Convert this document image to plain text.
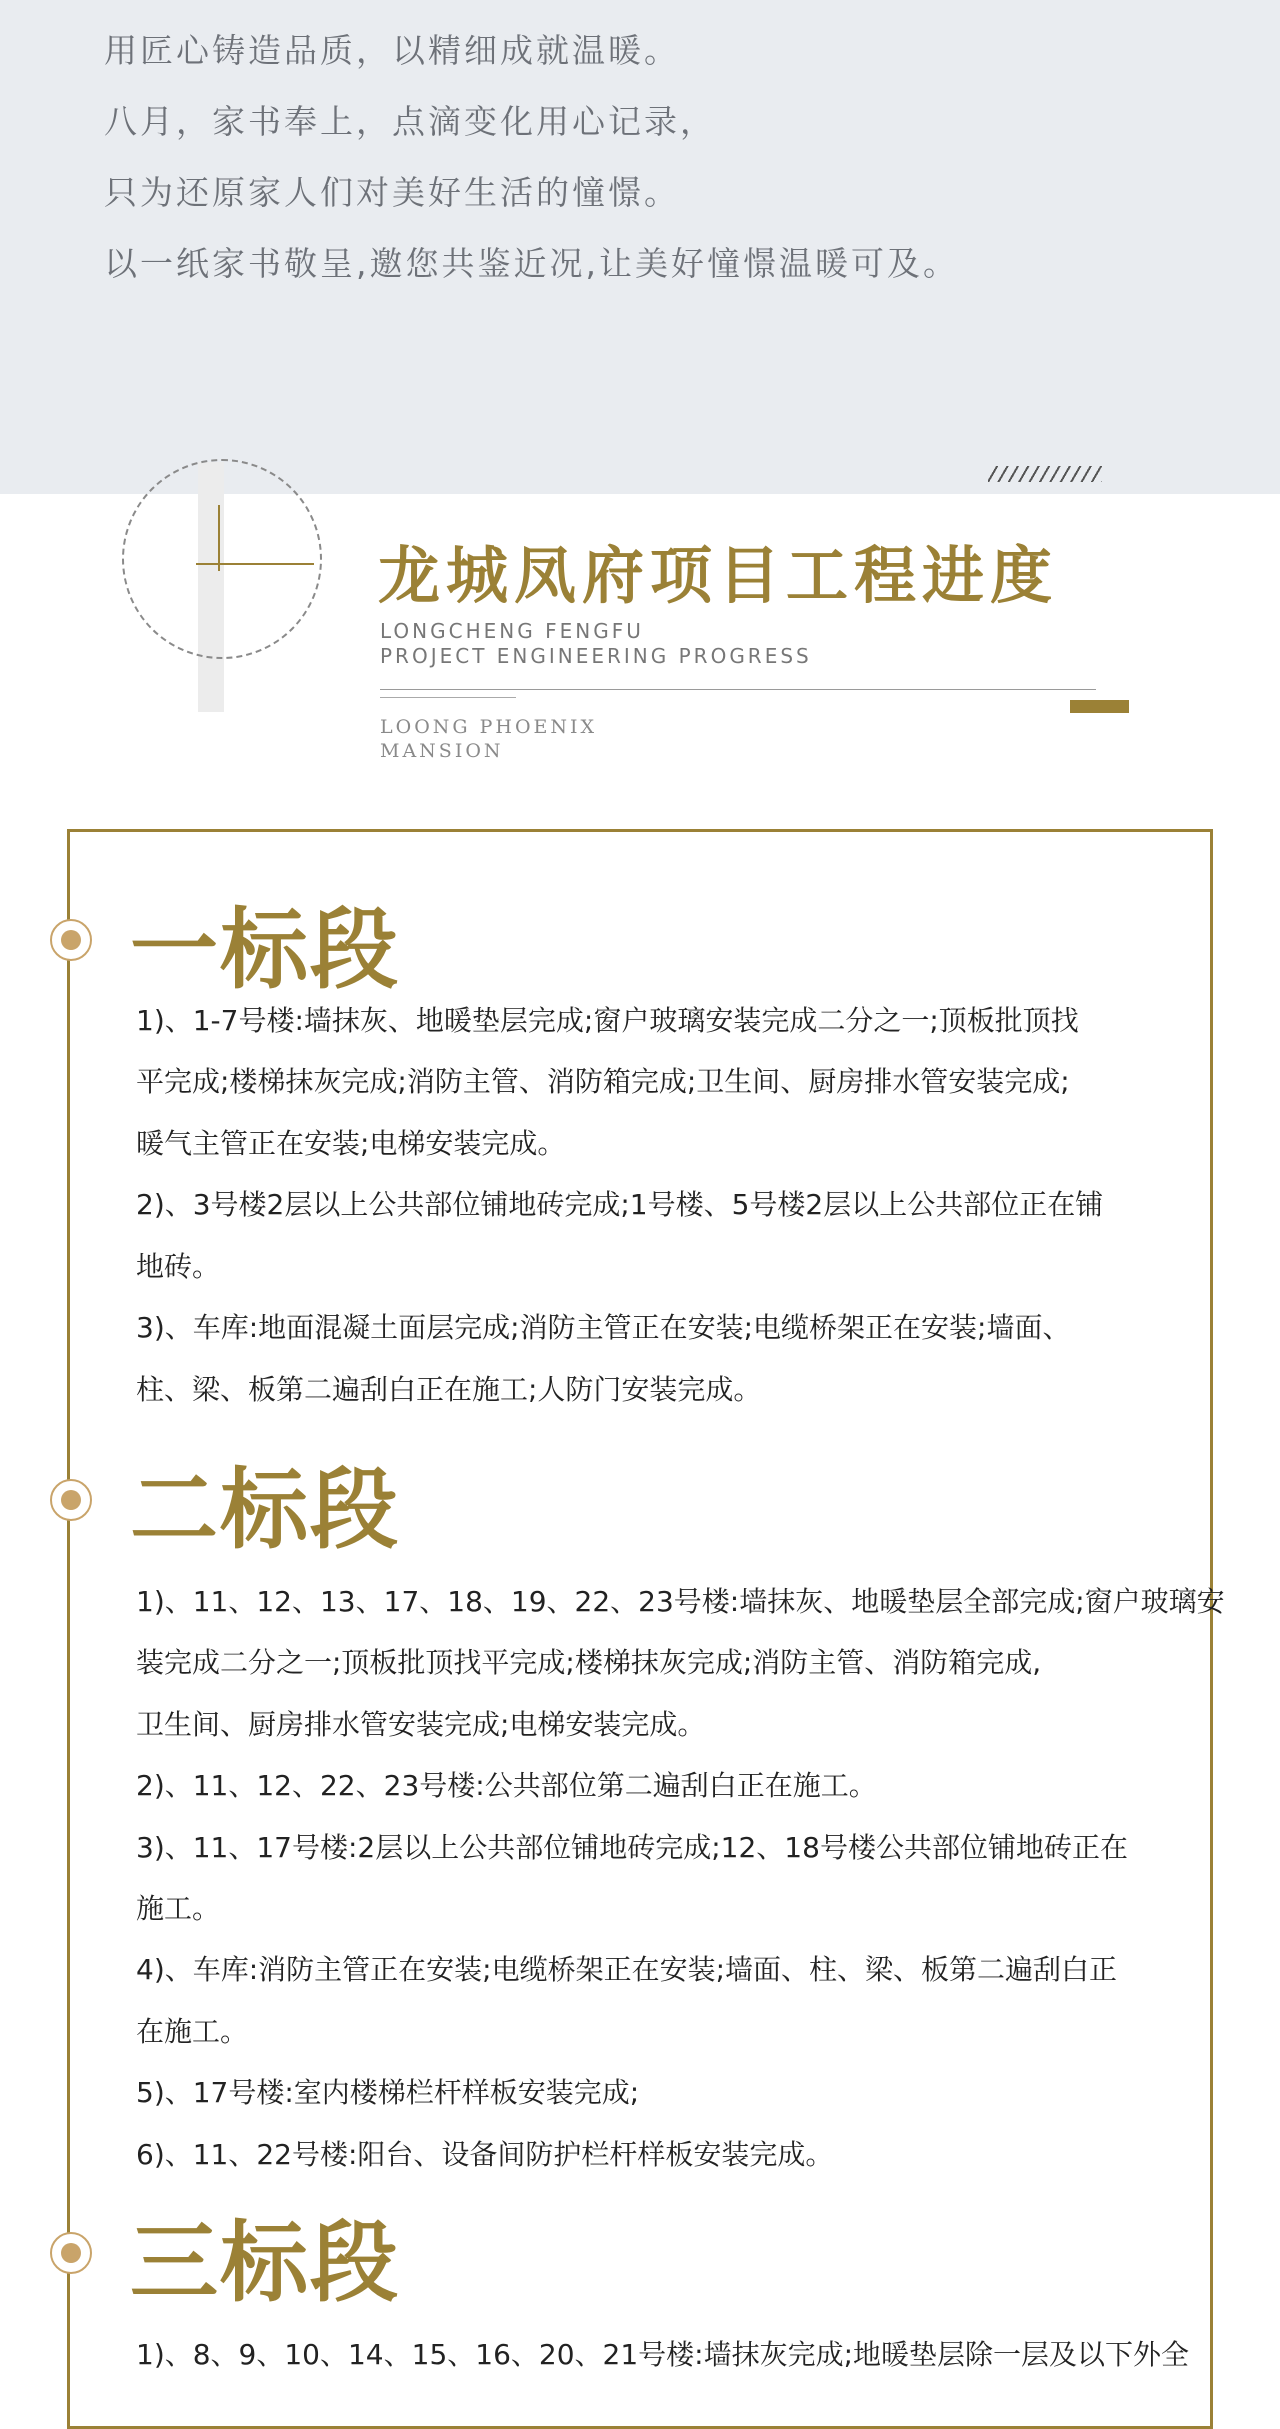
用匠心铸造品质，以精细成就温暖。
八月，家书奉上，点滴变化用心记录，
只为还原家人们对美好生活的憧憬。
以一纸家书敬呈,邀您共鉴近况,让美好憧憬温暖可及。
龙城凤府项目工程进度
LONGCHENG FENGFU
PROJECT ENGINEERING PROGRESS
LOONG PHOENIX
MANSION
一标段
1)、1-7号楼:墙抹灰、地暖垫层完成;窗户玻璃安装完成二分之一;顶板批顶找
平完成;楼梯抹灰完成;消防主管、消防箱完成;卫生间、厨房排水管安装完成;
暖气主管正在安装;电梯安装完成。
2)、3号楼2层以上公共部位铺地砖完成;1号楼、5号楼2层以上公共部位正在铺
地砖。
3)、车库:地面混凝土面层完成;消防主管正在安装;电缆桥架正在安装;墙面、
柱、梁、板第二遍刮白正在施工;人防门安装完成。
二标段
1)、11、12、13、17、18、19、22、23号楼:墙抹灰、地暖垫层全部完成;窗户玻璃安
装完成二分之一;顶板批顶找平完成;楼梯抹灰完成;消防主管、消防箱完成,
卫生间、厨房排水管安装完成;电梯安装完成。
2)、11、12、22、23号楼:公共部位第二遍刮白正在施工。
3)、11、17号楼:2层以上公共部位铺地砖完成;12、18号楼公共部位铺地砖正在
施工。
4)、车库:消防主管正在安装;电缆桥架正在安装;墙面、柱、梁、板第二遍刮白正
在施工。
5)、17号楼:室内楼梯栏杆样板安装完成;
6)、11、22号楼:阳台、设备间防护栏杆样板安装完成。
三标段
1)、8、9、10、14、15、16、20、21号楼:墙抹灰完成;地暖垫层除一层及以下外全
